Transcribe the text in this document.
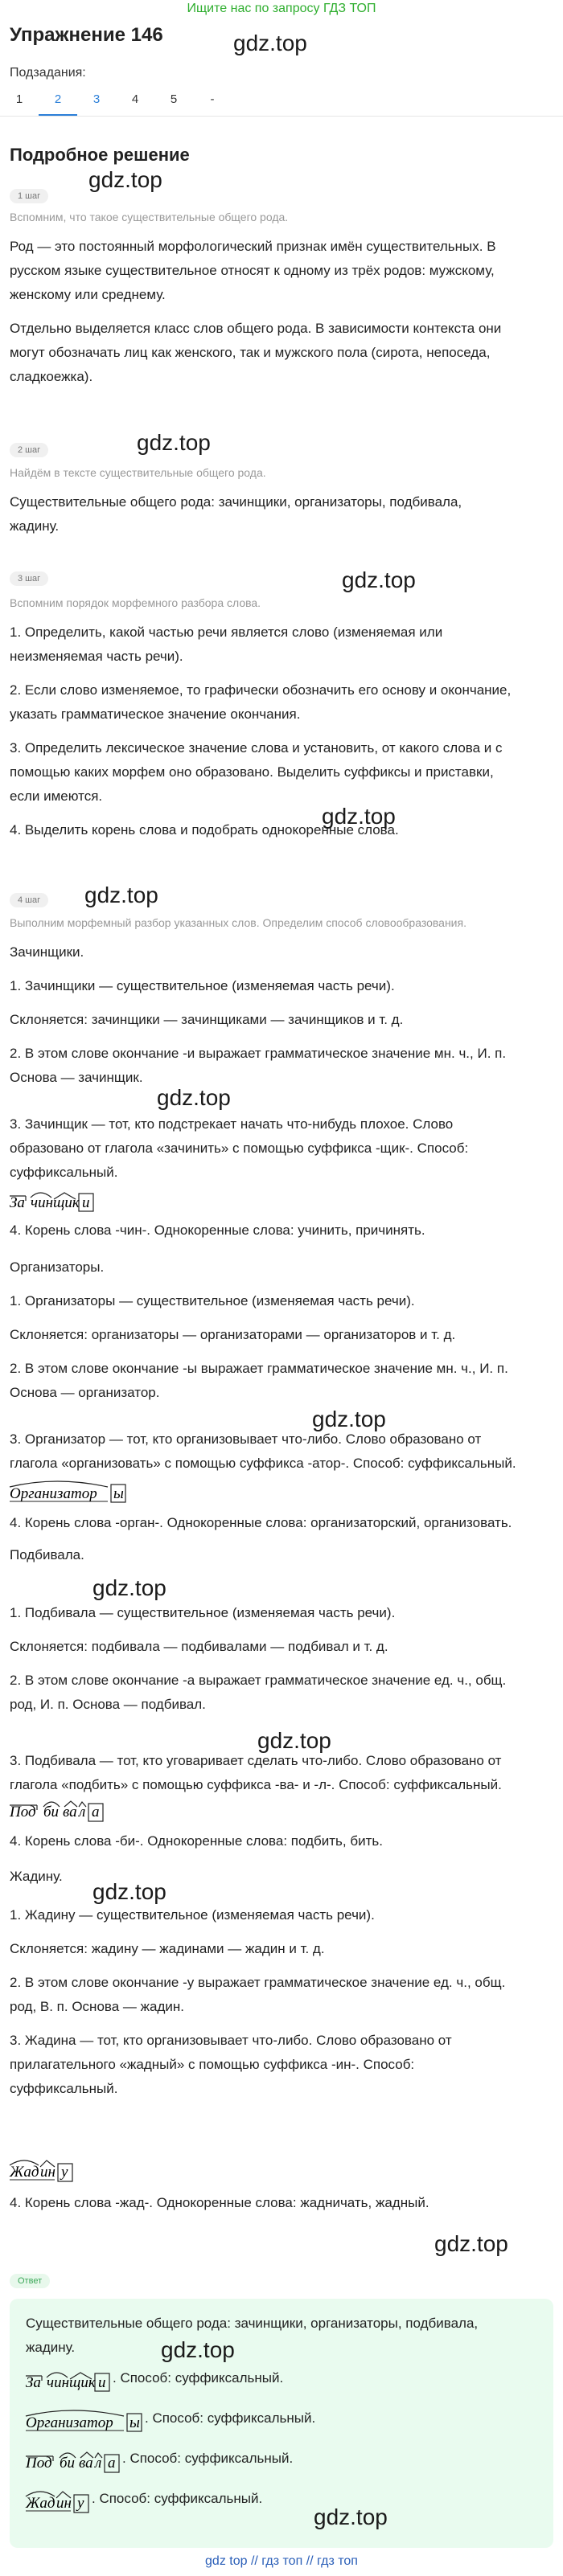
Ищите нас по запросу ГДЗ ТОП
Упражнение 146	gdz.top
Подзадания:
1	2	3	4	5	-
Подробное решение
gdz.top
1 шаг
Вспомним, что такое существительные общего рода.
Род — это постоянный морфологический признак имён существительных. В
русском языке существительное относят к одному из трёх родов: мужскому,
женскому или среднему.
Отдельно выделяется класс слов общего рода. В зависимости контекста они
могут обозначать лиц как женского, так и мужского пола (сирота, непоседа,
сладкоежка).
gdz.top
2 шаг
Найдём в тексте существительные общего рода.
Существительные общего рода: зачинщики, организаторы, подбивала,
жадину.
gdz.top
3 шаг
Вспомним порядок морфемного разбора слова.
1. Определить, какой частью речи является слово (изменяемая или
неизменяемая часть речи).
2. Если слово изменяемое, то графически обозначить его основу и окончание,
указать грамматическое значение окончания.
3. Определить лексическое значение слова и установить, от какого слова и с
помощью каких морфем оно образовано. Выделить суффиксы и приставки,
если имеются.
4. Выделить корень слова и подобрать однокоренные слова.
gdz.top
gdz.top
4 шаг
Выполним морфемный разбор указанных слов. Определим способ словообразования.
Зачинщики.
1. Зачинщики — существительное (изменяемая часть речи).
Склоняется: зачинщики — зачинщиками — зачинщиков и т. д.
2. В этом слове окончание -и выражает грамматическое значение мн. ч., И. п.
Основа — зачинщик.
gdz.top
3. Зачинщик — тот, кто подстрекает начать что-нибудь плохое. Слово
образовано от глагола «зачинить» с помощью суффикса -щик-. Способ:
суффиксальный.
За чин щик и
4. Корень слова -чин-. Однокоренные слова: учинить, причинять.
Организаторы.
1. Организаторы — существительное (изменяемая часть речи).
Склоняется: организаторы — организаторами — организаторов и т. д.
2. В этом слове окончание -ы выражает грамматическое значение мн. ч., И. п.
Основа — организатор.
gdz.top
3. Организатор — тот, кто организовывает что-либо. Слово образовано от
глагола «организовать» с помощью суффикса -атор-. Способ: суффиксальный.
Организатор ы
4. Корень слова -орган-. Однокоренные слова: организаторский, организовать.
gdz.top
Подбивала.
1. Подбивала — существительное (изменяемая часть речи).
Склоняется: подбивала — подбивалами — подбивал и т. д.
2. В этом слове окончание -а выражает грамматическое значение ед. ч., общ.
род, И. п. Основа — подбивал.
gdz.top
3. Подбивала — тот, кто уговаривает сделать что-либо. Слово образовано от
глагола «подбить» с помощью суффикса -ва- и -л-. Способ: суффиксальный.
Под би ва л а
4. Корень слова -би-. Однокоренные слова: подбить, бить.
Жадину.
gdz.top
1. Жадину — существительное (изменяемая часть речи).
Склоняется: жадину — жадинами — жадин и т. д.
2. В этом слове окончание -у выражает грамматическое значение ед. ч., общ.
род, В. п. Основа — жадин.
3. Жадина — тот, кто организовывает что-либо. Слово образовано от
прилагательного «жадный» с помощью суффикса -ин-. Способ:
суффиксальный.
Жад ин у
4. Корень слова -жад-. Однокоренные слова: жадничать, жадный.
gdz.top
Ответ
Существительные общего рода: зачинщики, организаторы, подбивала,
жадину.	gdz.top
За чин щик и . Способ: суффиксальный.
Организатор ы . Способ: суффиксальный.
Под би ва л а . Способ: суффиксальный.
Жад ин у . Способ: суффиксальный.
gdz.top
gdz top // гдз топ // гдз топ
